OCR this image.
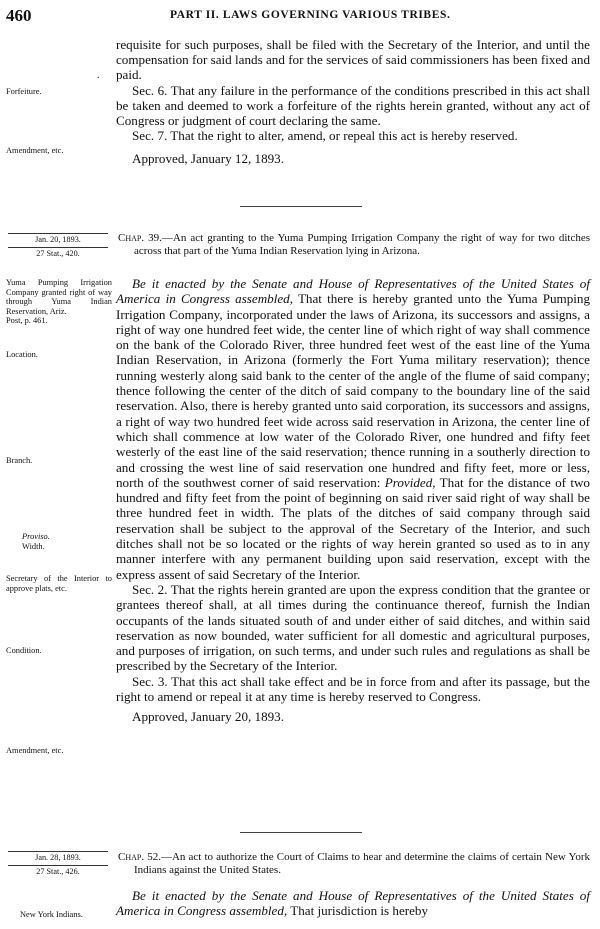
460	PART II. LAWS GOVERNING VARIOUS TRIBES.

requisite for such purposes, shall be filed with the Secretary of the Interior, and until the compensation for said lands and for the services of said commissioners has been fixed and paid.

Sec. 6. That any failure in the performance of the conditions prescribed in this act shall be taken and deemed to work a forfeiture of the rights herein granted, without any act of Congress or judgment of court declaring the same.

Sec. 7. That the right to alter, amend, or repeal this act is hereby reserved.

Approved, January 12, 1893.

.
Forfeiture.
Amendment, etc.
Jan. 20, 1893.
27 Stat., 420.

Chap. 39.—An act granting to the Yuma Pumping Irrigation Company the right of way for two ditches across that part of the Yuma Indian Reservation lying in Arizona.

Be it enacted by the Senate and House of Representatives of the United States of America in Congress assembled, That there is hereby granted unto the Yuma Pumping Irrigation Company, incorporated under the laws of Arizona, its successors and assigns, a right of way one hundred feet wide, the center line of which right of way shall commence on the bank of the Colorado River, three hundred feet west of the east line of the Yuma Indian Reservation, in Arizona (formerly the Fort Yuma military reservation); thence running westerly along said bank to the center of the angle of the flume of said company; thence following the center of the ditch of said company to the boundary line of the said reservation. Also, there is hereby granted unto said corporation, its successors and assigns, a right of way two hundred feet wide across said reservation in Arizona, the center line of which shall commence at low water of the Colorado River, one hundred and fifty feet westerly of the east line of the said reservation; thence running in a southerly direction to and crossing the west line of said reservation one hundred and fifty feet, more or less, north of the southwest corner of said reservation: Provided, That for the distance of two hundred and fifty feet from the point of beginning on said river said right of way shall be three hundred feet in width. The plats of the ditches of said company through said reservation shall be subject to the approval of the Secretary of the Interior, and such ditches shall not be so located or the rights of way herein granted so used as to in any manner interfere with any permanent building upon said reservation, except with the express assent of said Secretary of the Interior.

Sec. 2. That the rights herein granted are upon the express condition that the grantee or grantees thereof shall, at all times during the continuance thereof, furnish the Indian occupants of the lands situated south of and under either of said ditches, and within said reservation as now bounded, water sufficient for all domestic and agricultural purposes, and purposes of irrigation, on such terms, and under such rules and regulations as shall be prescribed by the Secretary of the Interior.

Sec. 3. That this act shall take effect and be in force from and after its passage, but the right to amend or repeal it at any time is hereby reserved to Congress.

Approved, January 20, 1893.

Yuma Pumping Irrigation Company granted right of way through Yuma Indian Reservation, Ariz.
Post, p. 461.
Location.
Branch.
Proviso.
Width.
Secretary of the Interior to approve plats, etc.
Condition.
Amendment, etc.
Jan. 28, 1893.
27 Stat., 426.

Chap. 52.—An act to authorize the Court of Claims to hear and determine the claims of certain New York Indians against the United States.

Be it enacted by the Senate and House of Representatives of the United States of America in Congress assembled, That jurisdiction is hereby

New York Indians.
